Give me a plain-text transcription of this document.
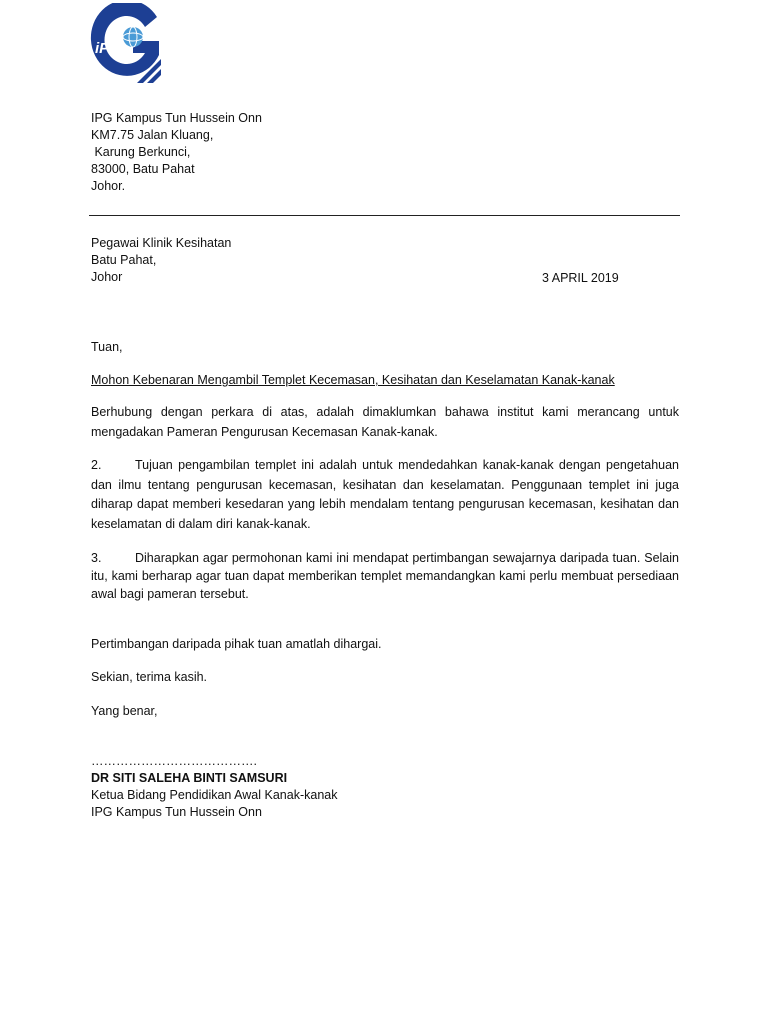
iPG
IPG Kampus Tun Hussein Onn
KM7.75 Jalan Kluang,
Karung Berkunci,
83000, Batu Pahat
Johor.
Pegawai Klinik Kesihatan
Batu Pahat,
Johor	3 APRIL 2019
Tuan,
Mohon Kebenaran Mengambil Templet Kecemasan, Kesihatan dan Keselamatan Kanak-kanak
Berhubung dengan perkara di atas, adalah dimaklumkan bahawa institut kami merancang untuk mengadakan Pameran Pengurusan Kecemasan Kanak-kanak.
2.	Tujuan pengambilan templet ini adalah untuk mendedahkan kanak-kanak dengan pengetahuan dan ilmu tentang pengurusan kecemasan, kesihatan dan keselamatan. Penggunaan templet ini juga diharap dapat memberi kesedaran yang lebih mendalam tentang pengurusan kecemasan, kesihatan dan keselamatan di dalam diri kanak-kanak.
3.	Diharapkan agar permohonan kami ini mendapat pertimbangan sewajarnya daripada tuan. Selain itu, kami berharap agar tuan dapat memberikan templet memandangkan kami perlu membuat persediaan awal bagi pameran tersebut.
Pertimbangan daripada pihak tuan amatlah dihargai.
Sekian, terima kasih.
Yang benar,
………………………………….
DR SITI SALEHA BINTI SAMSURI
Ketua Bidang Pendidikan Awal Kanak-kanak
IPG Kampus Tun Hussein Onn
